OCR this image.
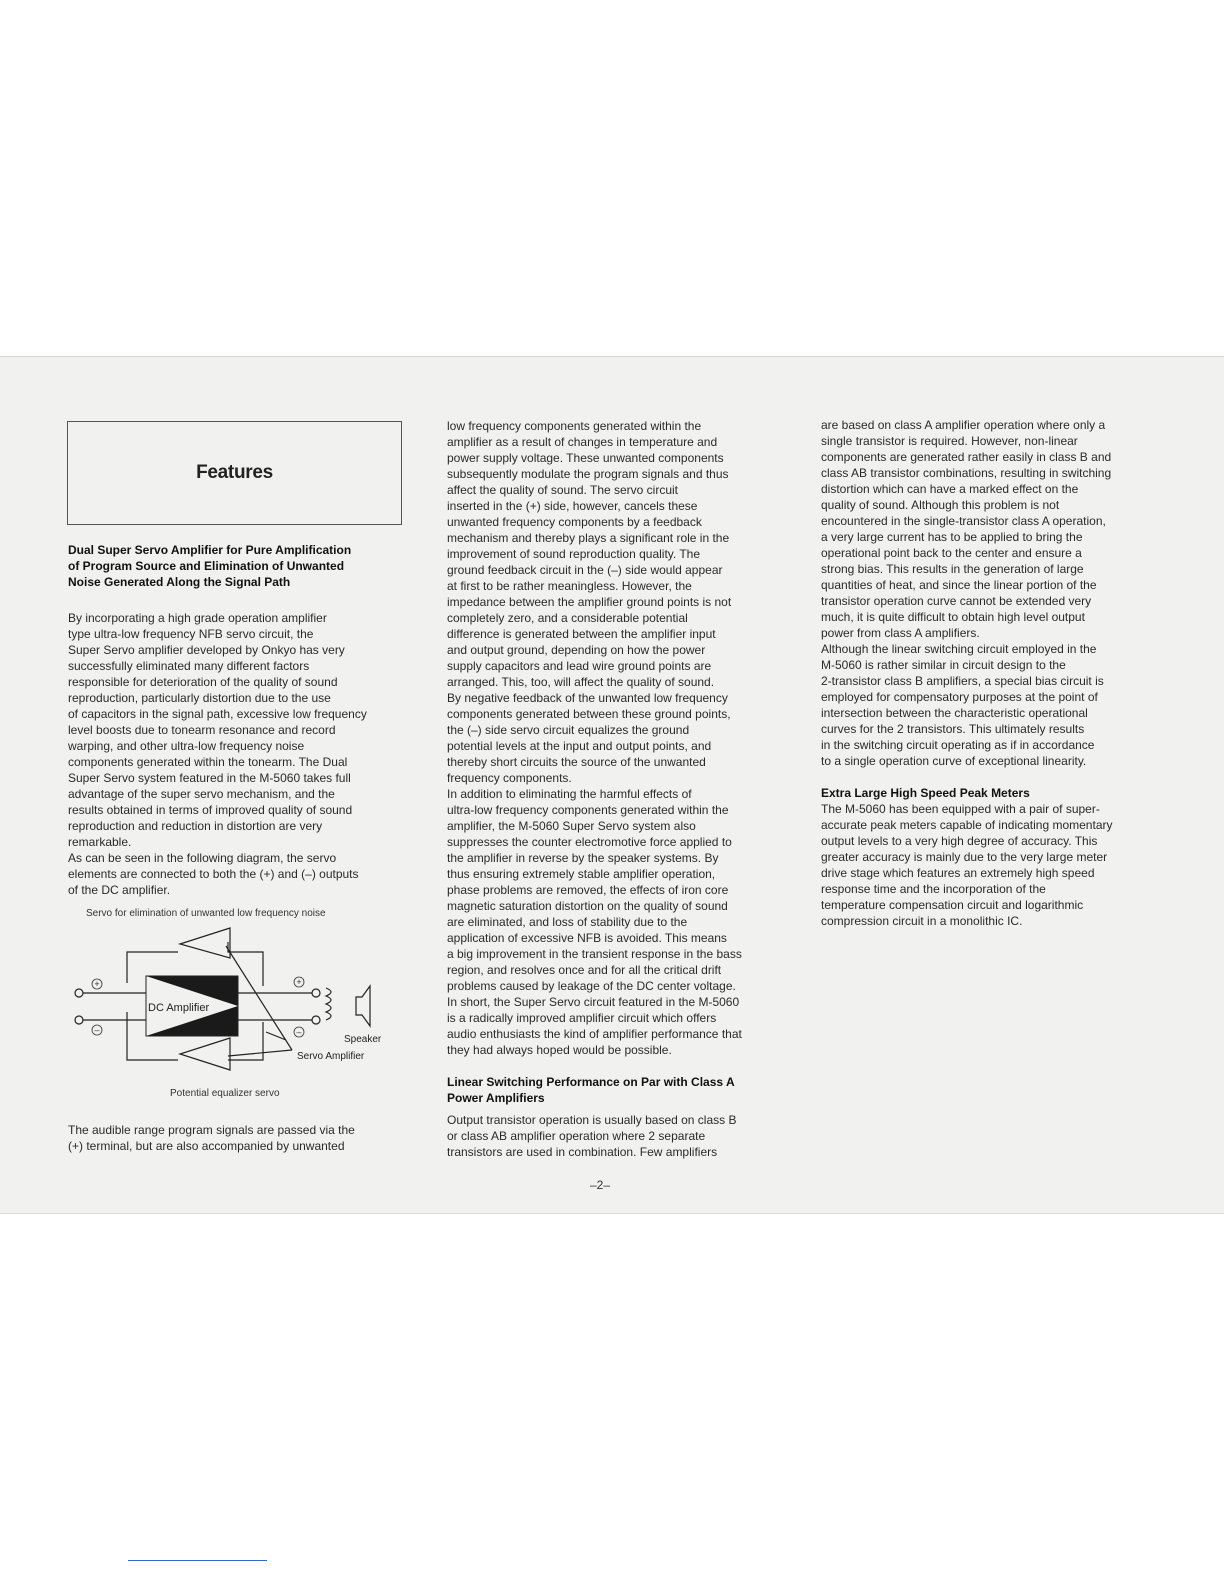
Features

Dual Super Servo Amplifier for Pure Amplification
of Program Source and Elimination of Unwanted
Noise Generated Along the Signal Path

By incorporating a high grade operation amplifier
type ultra-low frequency NFB servo circuit, the
Super Servo amplifier developed by Onkyo has very
successfully eliminated many different factors
responsible for deterioration of the quality of sound
reproduction, particularly distortion due to the use
of capacitors in the signal path, excessive low frequency
level boosts due to tonearm resonance and record
warping, and other ultra-low frequency noise
components generated within the tonearm. The Dual
Super Servo system featured in the M-5060 takes full
advantage of the super servo mechanism, and the
results obtained in terms of improved quality of sound
reproduction and reduction in distortion are very
remarkable.
As can be seen in the following diagram, the servo
elements are connected to both the (+) and (–) outputs
of the DC amplifier.

Servo for elimination of unwanted low frequency noise
DC Amplifier
+
–
+
–
Speaker
Servo Amplifier
Potential equalizer servo

The audible range program signals are passed via the
(+) terminal, but are also accompanied by unwanted

low frequency components generated within the
amplifier as a result of changes in temperature and
power supply voltage. These unwanted components
subsequently modulate the program signals and thus
affect the quality of sound. The servo circuit
inserted in the (+) side, however, cancels these
unwanted frequency components by a feedback
mechanism and thereby plays a significant role in the
improvement of sound reproduction quality. The
ground feedback circuit in the (–) side would appear
at first to be rather meaningless. However, the
impedance between the amplifier ground points is not
completely zero, and a considerable potential
difference is generated between the amplifier input
and output ground, depending on how the power
supply capacitors and lead wire ground points are
arranged. This, too, will affect the quality of sound.
By negative feedback of the unwanted low frequency
components generated between these ground points,
the (–) side servo circuit equalizes the ground
potential levels at the input and output points, and
thereby short circuits the source of the unwanted
frequency components.
In addition to eliminating the harmful effects of
ultra-low frequency components generated within the
amplifier, the M-5060 Super Servo system also
suppresses the counter electromotive force applied to
the amplifier in reverse by the speaker systems. By
thus ensuring extremely stable amplifier operation,
phase problems are removed, the effects of iron core
magnetic saturation distortion on the quality of sound
are eliminated, and loss of stability due to the
application of excessive NFB is avoided. This means
a big improvement in the transient response in the bass
region, and resolves once and for all the critical drift
problems caused by leakage of the DC center voltage.
In short, the Super Servo circuit featured in the M-5060
is a radically improved amplifier circuit which offers
audio enthusiasts the kind of amplifier performance that
they had always hoped would be possible.

Linear Switching Performance on Par with Class A
Power Amplifiers

Output transistor operation is usually based on class B
or class AB amplifier operation where 2 separate
transistors are used in combination. Few amplifiers

are based on class A amplifier operation where only a
single transistor is required. However, non-linear
components are generated rather easily in class B and
class AB transistor combinations, resulting in switching
distortion which can have a marked effect on the
quality of sound. Although this problem is not
encountered in the single-transistor class A operation,
a very large current has to be applied to bring the
operational point back to the center and ensure a
strong bias. This results in the generation of large
quantities of heat, and since the linear portion of the
transistor operation curve cannot be extended very
much, it is quite difficult to obtain high level output
power from class A amplifiers.
Although the linear switching circuit employed in the
M-5060 is rather similar in circuit design to the
2-transistor class B amplifiers, a special bias circuit is
employed for compensatory purposes at the point of
intersection between the characteristic operational
curves for the 2 transistors. This ultimately results
in the switching circuit operating as if in accordance
to a single operation curve of exceptional linearity.

Extra Large High Speed Peak Meters

The M-5060 has been equipped with a pair of super-
accurate peak meters capable of indicating momentary
output levels to a very high degree of accuracy. This
greater accuracy is mainly due to the very large meter
drive stage which features an extremely high speed
response time and the incorporation of the
temperature compensation circuit and logarithmic
compression circuit in a monolithic IC.

–2–
